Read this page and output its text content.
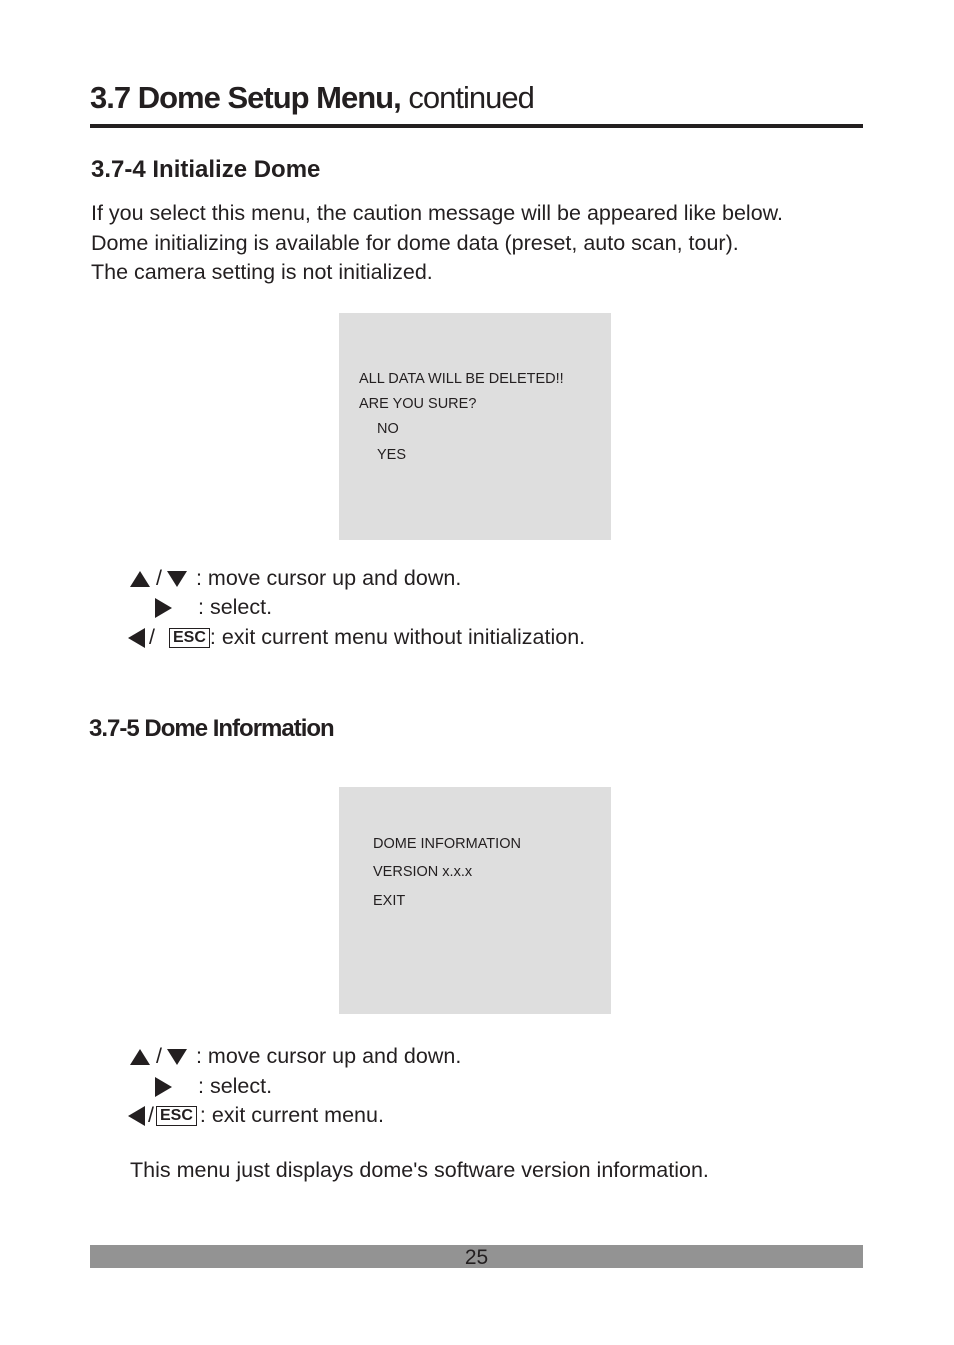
3.7 Dome Setup Menu, continued
3.7-4 Initialize Dome
If you select this menu, the caution message will be appeared like below.
Dome initializing is available for dome data (preset, auto scan, tour).
The camera setting is not initialized.
ALL DATA WILL BE DELETED!!
ARE YOU SURE?
NO
YES
/ : move cursor up and down.
: select.
/ ESC : exit current menu without initialization.
3.7-5 Dome Information
DOME INFORMATION
VERSION x.x.x
EXIT
/ : move cursor up and down.
: select.
/ ESC : exit current menu.
This menu just displays dome's software version information.
25
